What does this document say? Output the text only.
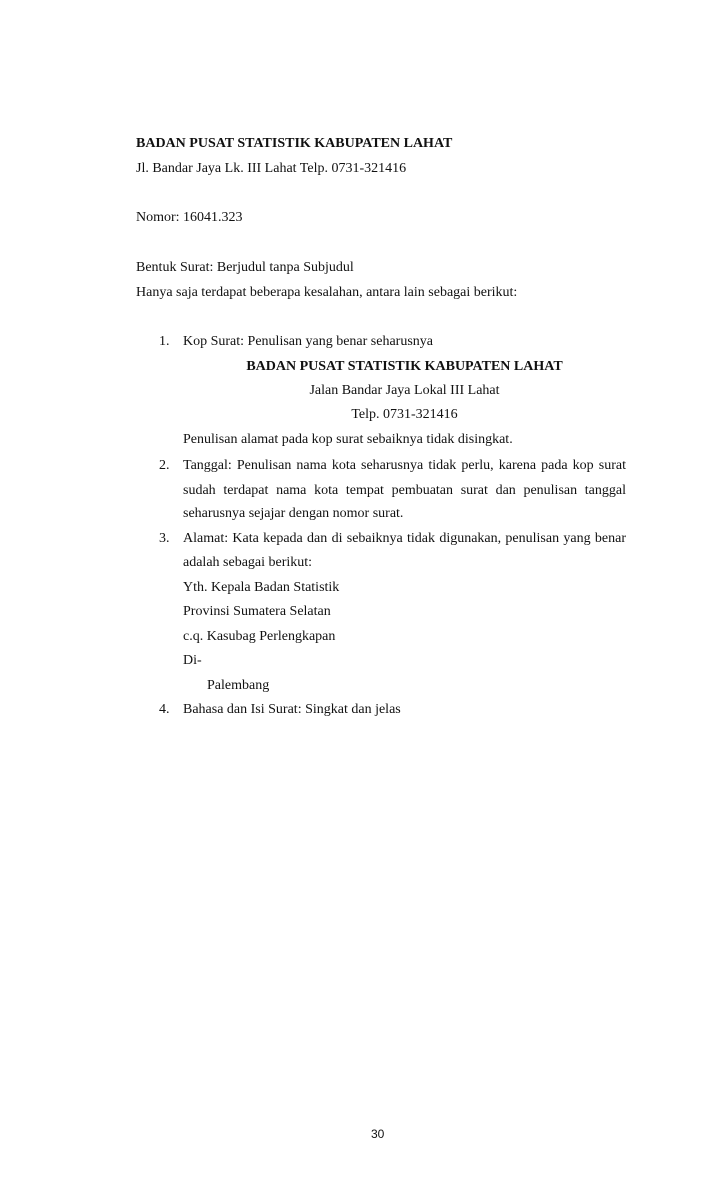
BADAN PUSAT STATISTIK KABUPATEN LAHAT
Jl. Bandar Jaya Lk. III Lahat Telp. 0731-321416
Nomor: 16041.323
Bentuk Surat: Berjudul tanpa Subjudul
Hanya saja terdapat beberapa kesalahan, antara lain sebagai berikut:
1. Kop Surat: Penulisan yang benar seharusnya
BADAN PUSAT STATISTIK KABUPATEN LAHAT
Jalan Bandar Jaya Lokal III Lahat
Telp. 0731-321416
Penulisan alamat pada kop surat sebaiknya tidak disingkat.
2. Tanggal: Penulisan nama kota seharusnya tidak perlu, karena pada kop surat
sudah terdapat nama kota tempat pembuatan surat dan penulisan tanggal
seharusnya sejajar dengan nomor surat.
3. Alamat: Kata kepada dan di sebaiknya tidak digunakan, penulisan yang benar
adalah sebagai berikut:
Yth. Kepala Badan Statistik
Provinsi Sumatera Selatan
c.q. Kasubag Perlengkapan
Di-
Palembang
4. Bahasa dan Isi Surat: Singkat dan jelas
30
